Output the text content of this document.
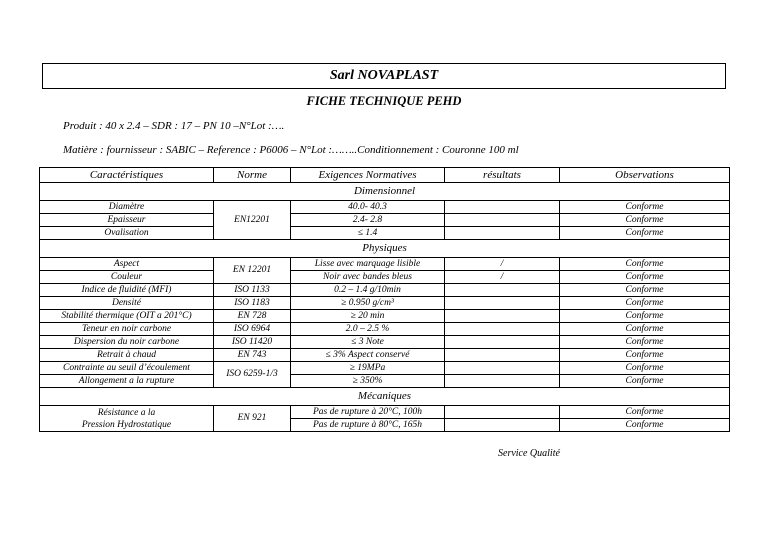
Sarl NOVAPLAST
FICHE TECHNIQUE PEHD
Produit : 40 x 2.4 – SDR : 17 – PN 10 –N°Lot :….
Matière : fournisseur : SABIC – Reference : P6006 – N°Lot :……..Conditionnement : Couronne 100 ml
Caractéristiques	Norme	Exigences Normatives	résultats	Observations
Dimensionnel				
Diamètre	EN12201	40.0- 40.3		Conforme
Epaisseur		2.4- 2.8		Conforme
Ovalisation		≤ 1.4		Conforme
Physiques				
Aspect	EN 12201	Lisse avec marquage lisible	/	Conforme
Couleur		Noir avec bandes bleus	/	Conforme
Indice de fluidité (MFI)	ISO 1133	0.2 – 1.4 g/10min		Conforme
Densité	ISO 1183	≥ 0.950 g/cm³		Conforme
Stabilité thermique (OIT a 201°C)	EN 728	≥ 20 min		Conforme
Teneur en noir carbone	ISO 6964	2.0 – 2.5 %		Conforme
Dispersion du noir carbone	ISO 11420	≤ 3 Note		Conforme
Retrait à chaud	EN 743	≤ 3% Aspect conservé		Conforme
Contrainte au seuil d’écoulement	ISO 6259-1/3	≥ 19MPa		Conforme
Allongement a la rupture		≥ 350%		Conforme
Mécaniques				
Résistance a la
Pression Hydrostatique	EN 921	Pas de rupture à 20°C, 100h		Conforme
		Pas de rupture à 80°C, 165h		Conforme
Service Qualité
